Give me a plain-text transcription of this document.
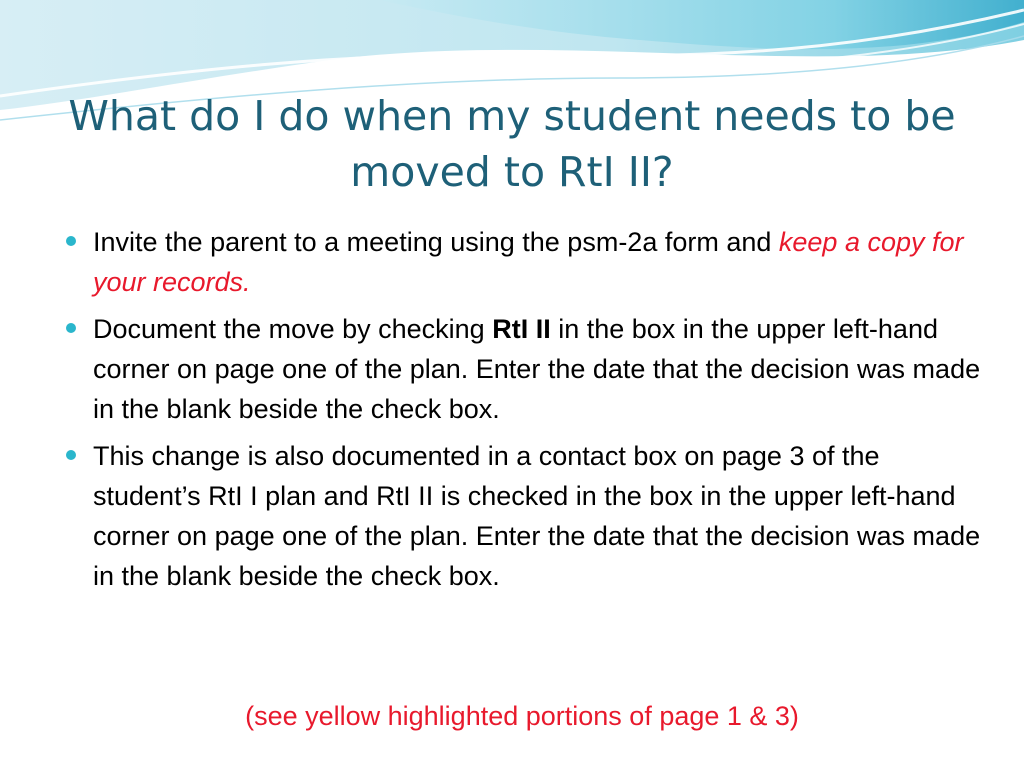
What do I do when my student needs to be
moved to RtI II?
Invite the parent to a meeting using the psm-2a form and keep a copy for your records.
Document the move by checking RtI II in the box in the upper left-hand corner on page one of the plan. Enter the date that the decision was made in the blank beside the check box.
This change is also documented in a contact box on page 3 of the student’s RtI I plan and RtI II is checked in the box in the upper left-hand corner on page one of the plan. Enter the date that the decision was made in the blank beside the check box.
(see yellow highlighted portions of page 1 & 3)
